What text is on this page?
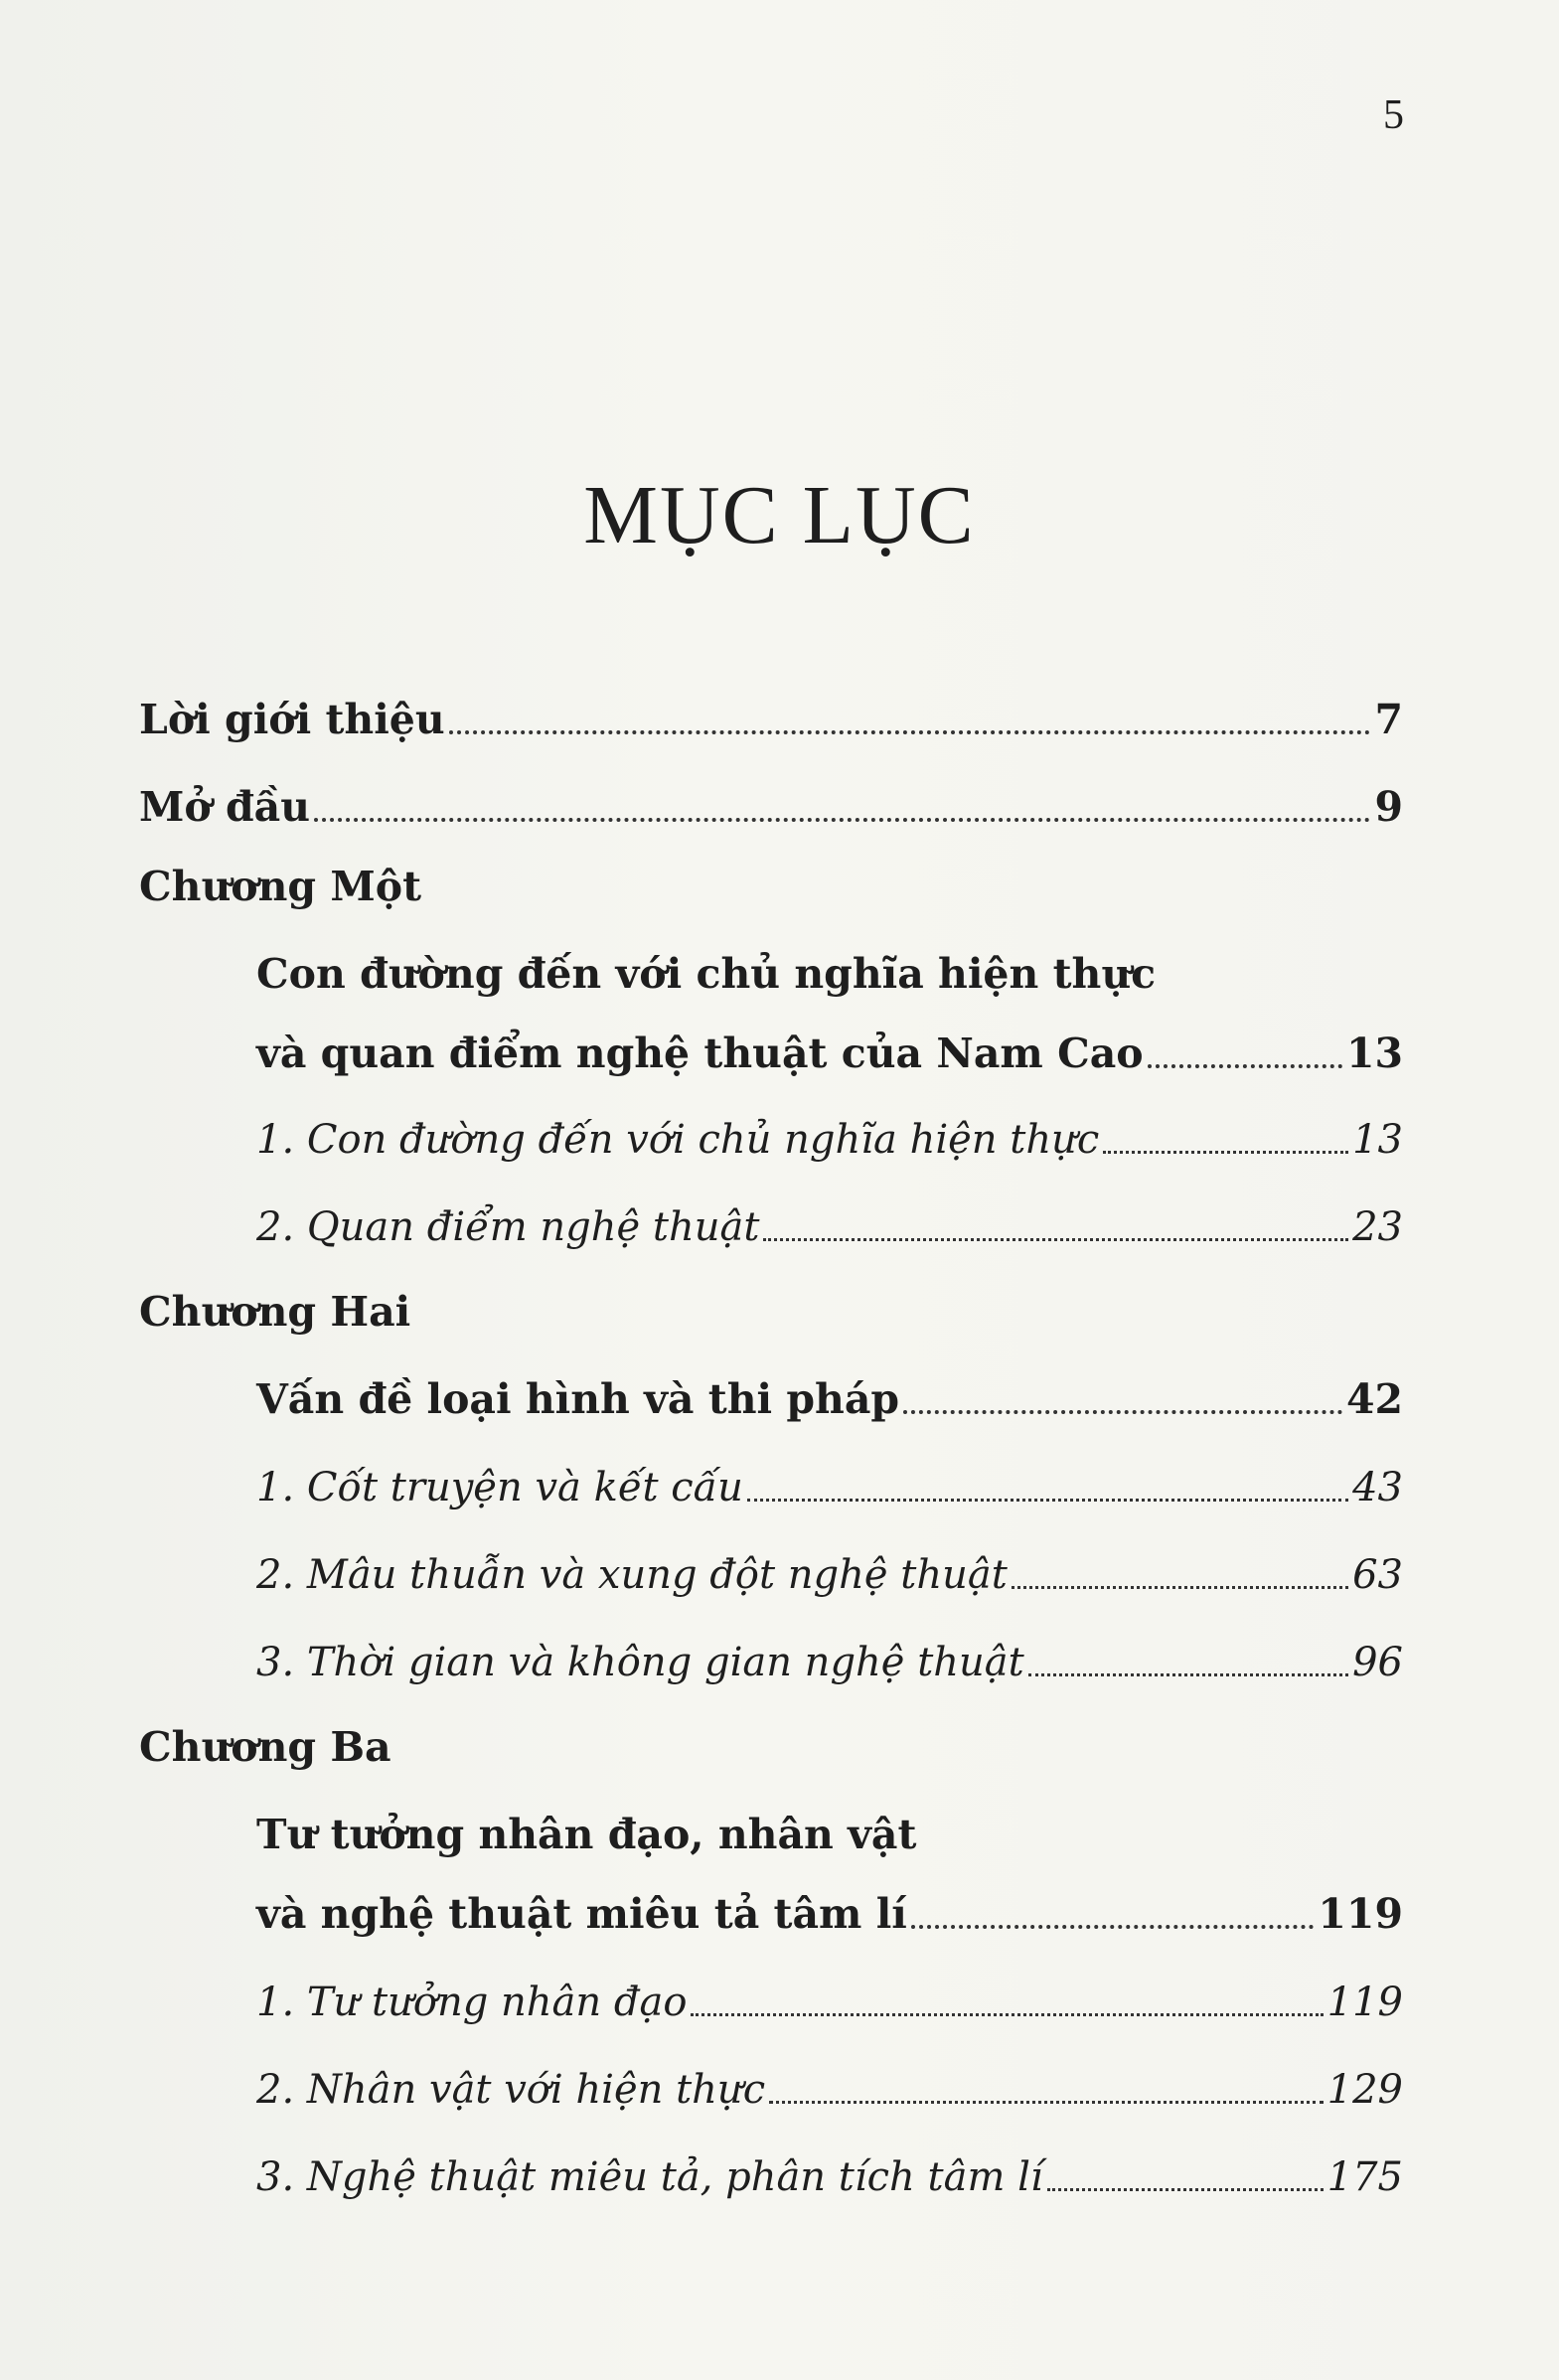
5
MỤC LỤC
Lời giới thiệu	7
Mở đầu	9
Chương Một
Con đường đến với chủ nghĩa hiện thực
và quan điểm nghệ thuật của Nam Cao	13
1. Con đường đến với chủ nghĩa hiện thực	13
2. Quan điểm nghệ thuật	23
Chương Hai
Vấn đề loại hình và thi pháp	42
1. Cốt truyện và kết cấu	43
2. Mâu thuẫn và xung đột nghệ thuật	63
3. Thời gian và không gian nghệ thuật	96
Chương Ba
Tư tưởng nhân đạo, nhân vật
và nghệ thuật miêu tả tâm lí	119
1. Tư tưởng nhân đạo	119
2. Nhân vật với hiện thực	129
3. Nghệ thuật miêu tả, phân tích tâm lí	175
